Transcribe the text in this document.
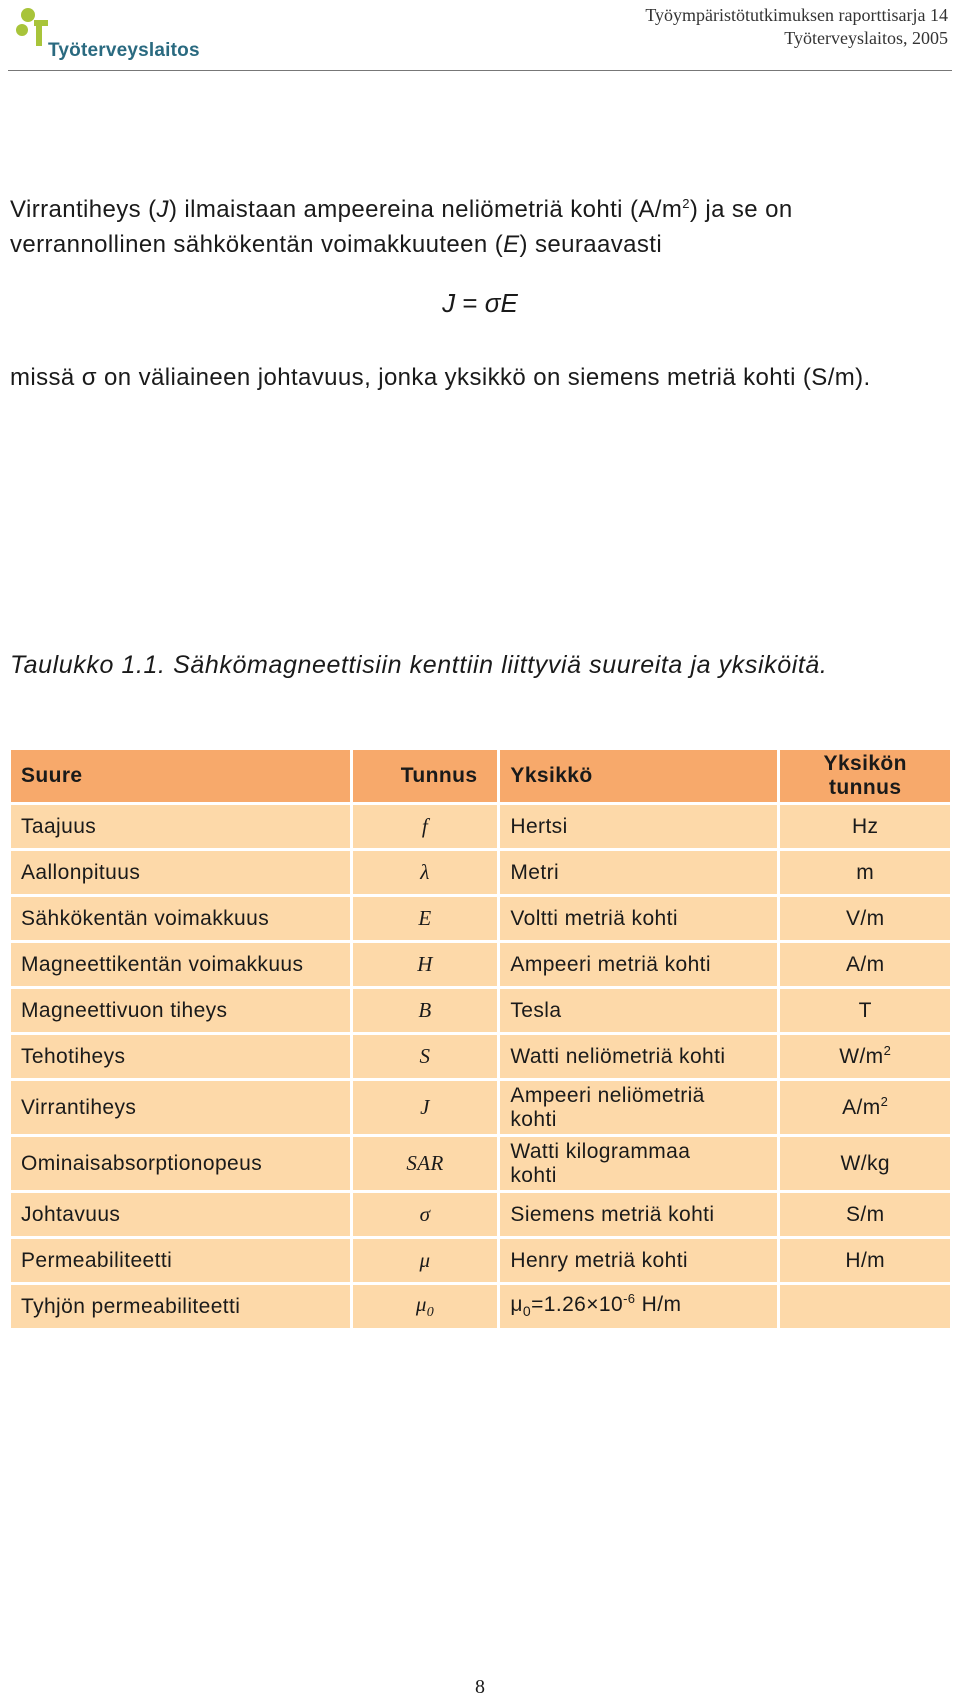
Työterveyslaitos
Työympäristötutkimuksen raporttisarja 14
Työterveyslaitos, 2005
Virrantiheys (J) ilmaistaan ampeereina neliömetriä kohti $(A/m^2)$ ja se on verrannollinen sähkökentän voimakkuuteen (E) seuraavasti
J = σE
missä σ on väliaineen johtavuus, jonka yksikkö on siemens metriä kohti (S/m).
Taulukko 1.1. Sähkömagneettisiin kenttiin liittyviä suureita ja yksiköitä.
Suure	Tunnus	Yksikkö	Yksikön
tunnus

Taajuus	f	Hertsi	Hz
Aallonpituus	λ	Metri	m
Sähkökentän voimakkuus	E	Voltti metriä kohti	V/m
Magneettikentän voimakkuus	H	Ampeeri metriä kohti	A/m
Magneettivuon tiheys	B	Tesla	T
Tehotiheys	S	Watti neliömetriä kohti	$W/m^2$
Virrantiheys	J	Ampeeri neliömetriä
kohti	$A/m^2$
Ominaisabsorptionopeus	SAR	Watti kilogrammaa
kohti	W/kg
Johtavuus	σ	Siemens metriä kohti	S/m
Permeabiliteetti	μ	Henry metriä kohti	H/m
Tyhjön permeabiliteetti	$\mu_0$	$\mu_0=1.26\times 10^{-6}$ H/m	
8
